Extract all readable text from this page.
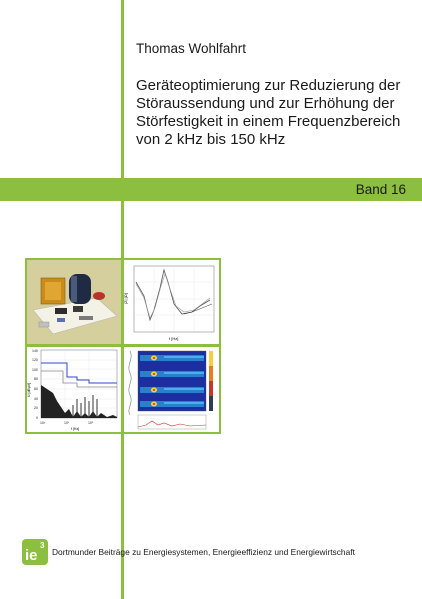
Thomas Wohlfahrt
Geräteoptimierung zur Reduzierung der Störaussendung und zur Erhöhung der Störfestigkeit in einem Frequenzbereich von 2 kHz bis 150 kHz
Band 16
|Z| [Ω]
f [Hz]
140
120
100
80
60
40
20
0
10³	10⁴	10⁵
U [dBµV]
f [Hz]
ie
3
Dortmunder Beiträge zu Energiesystemen, Energieeffizienz und Energiewirtschaft
